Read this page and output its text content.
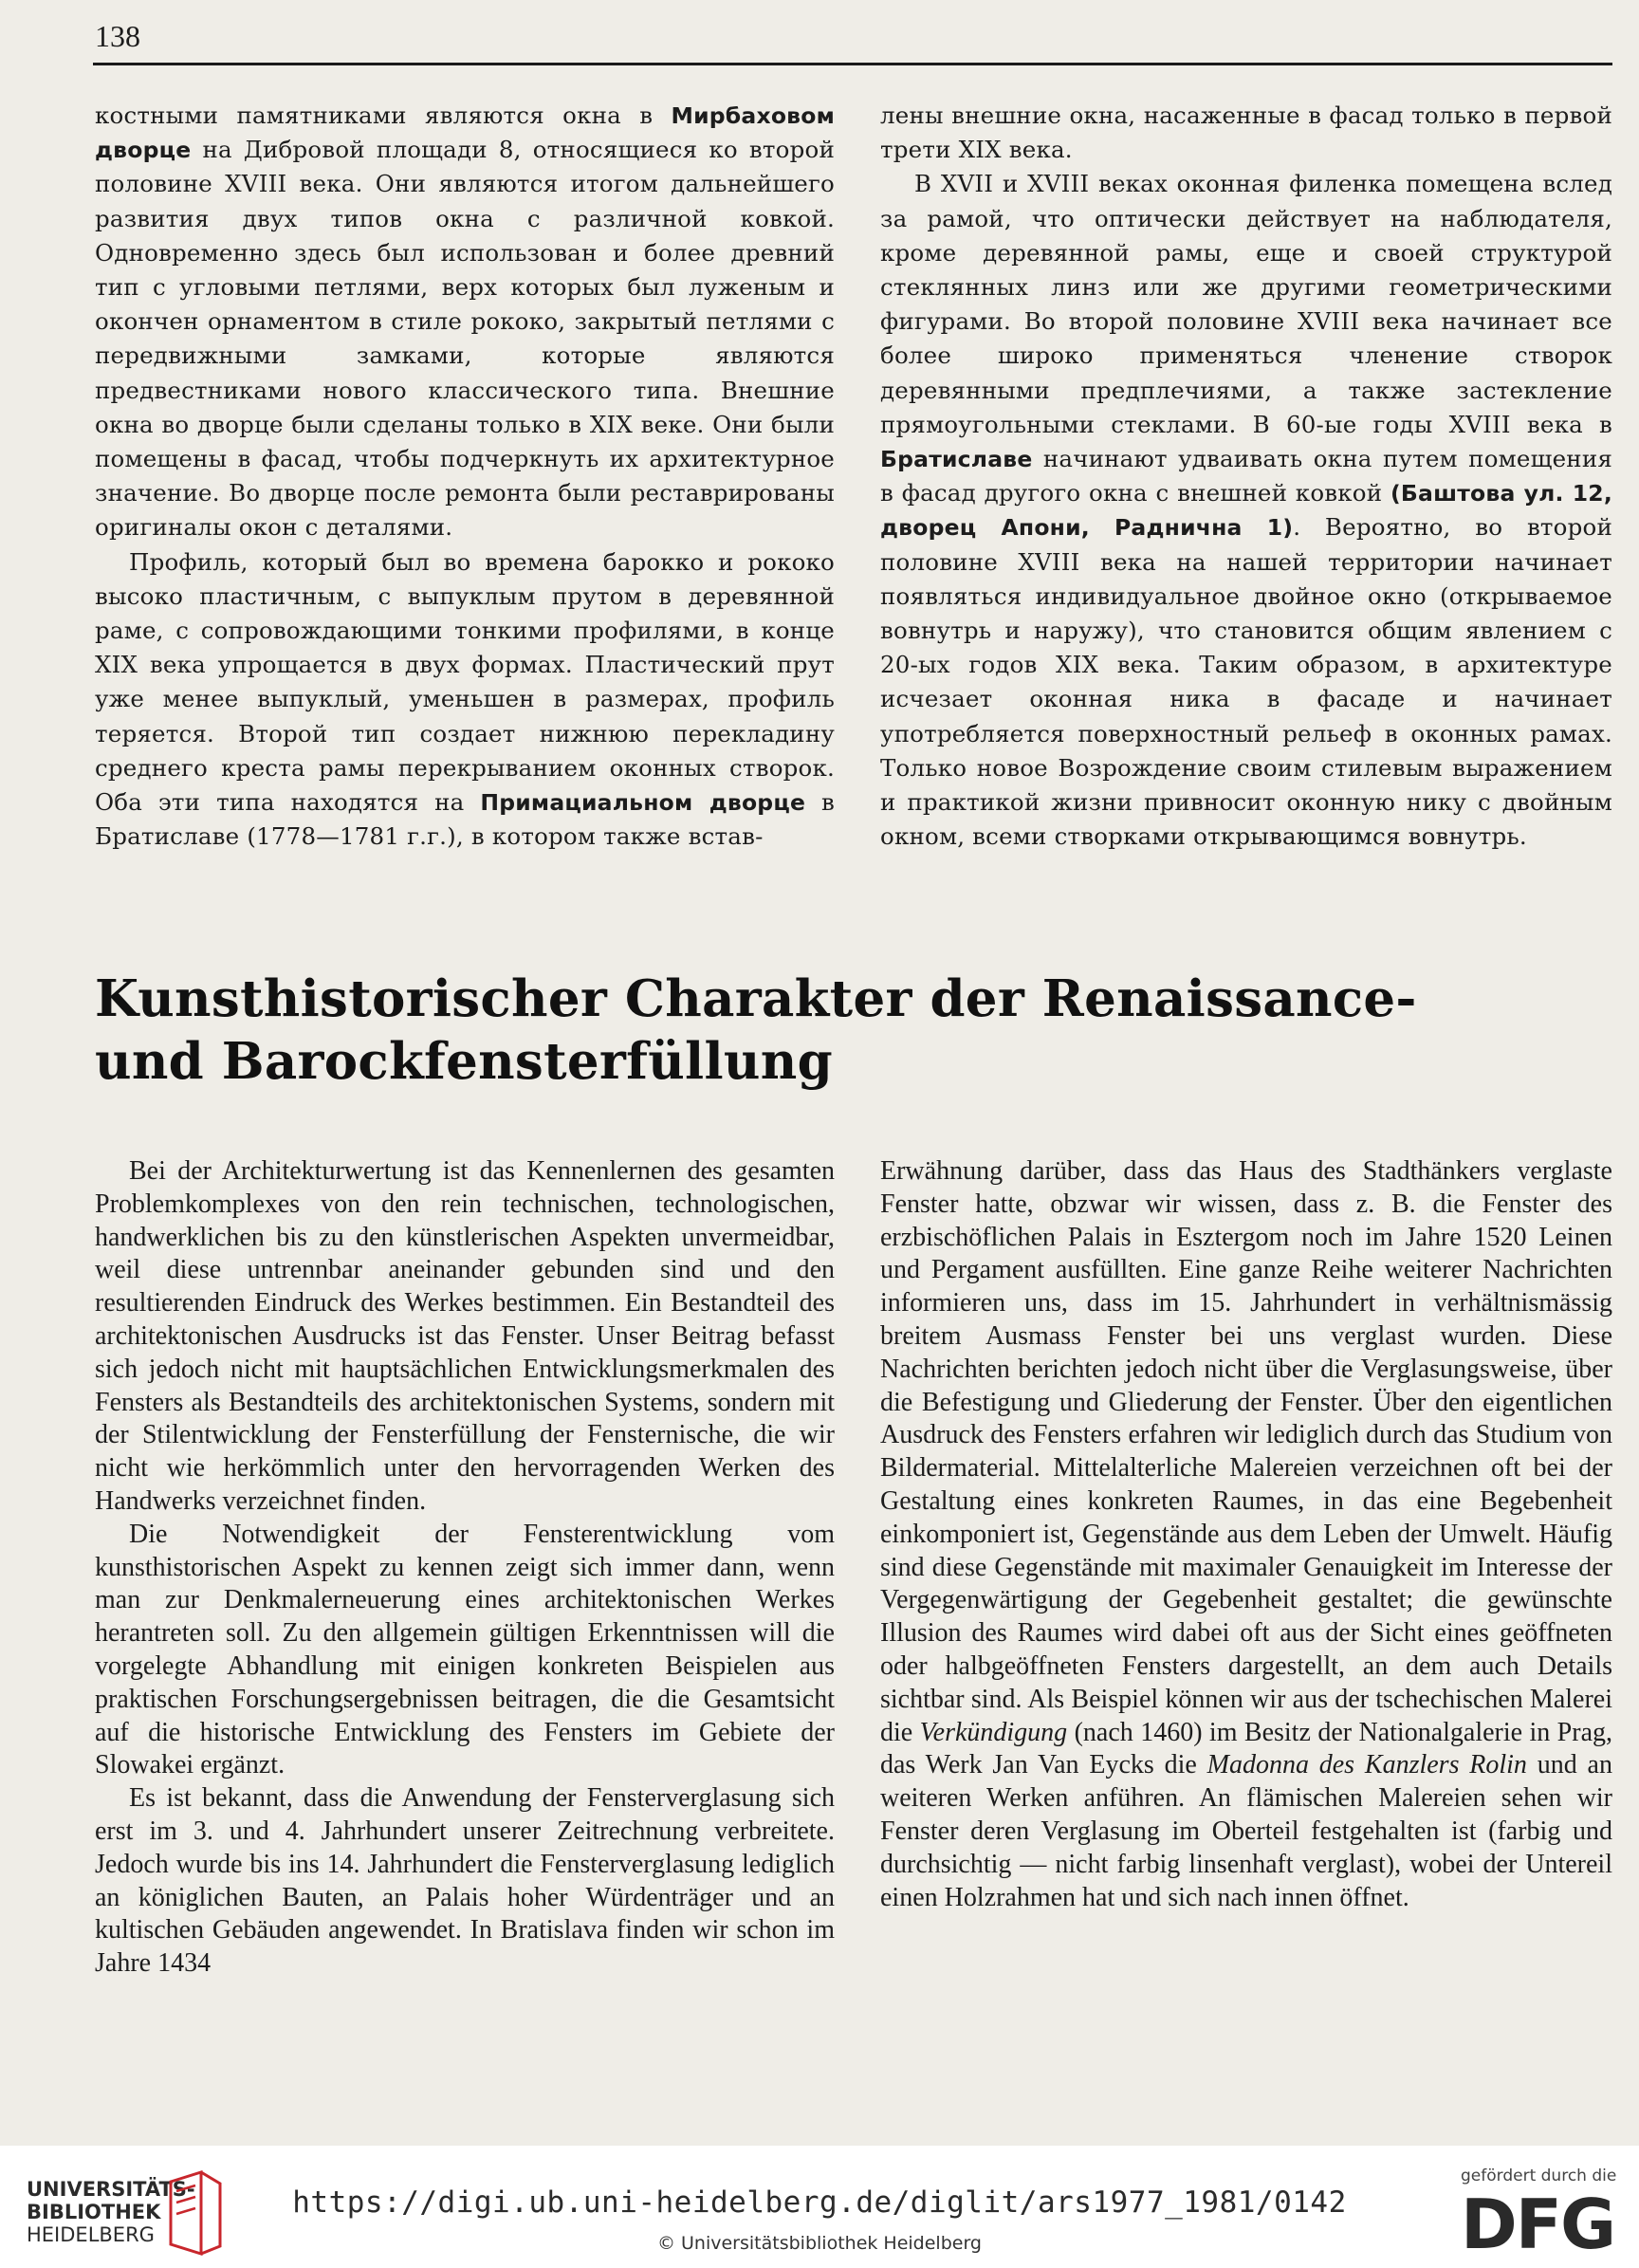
138

костными памятниками являются окна в Мирбаховом дворце на Дибровой площади 8, относящиеся ко второй половине XVIII века. Они являются итогом дальнейшего развития двух типов окна с различной ковкой. Одновременно здесь был использован и более древний тип с угловыми петлями, верх которых был луженым и окончен орнаментом в стиле рококо, закрытый петлями с передвижными замками, которые являются предвестниками нового классического типа. Внешние окна во дворце были сделаны только в XIX веке. Они были помещены в фасад, чтобы подчеркнуть их архитектурное значение. Во дворце после ремонта были реставрированы оригиналы окон с деталями.

Профиль, который был во времена барокко и рококо высоко пластичным, с выпуклым прутом в деревянной раме, с сопровождающими тонкими профилями, в конце XIX века упрощается в двух формах. Пластический прут уже менее выпуклый, уменьшен в размерах, профиль теряется. Второй тип создает нижнюю перекладину среднего креста рамы перекрыванием оконных створок. Оба эти типа находятся на Примациальном дворце в Братиславе (1778—1781 г.г.), в котором также встав-

лены внешние окна, насаженные в фасад только в первой трети XIX века.

В XVII и XVIII веках оконная филенка помещена вслед за рамой, что оптически действует на наблюдателя, кроме деревянной рамы, еще и своей структурой стеклянных линз или же другими геометрическими фигурами. Во второй половине XVIII века начинает все более широко применяться членение створок деревянными предплечиями, а также застекление прямоугольными стеклами. В 60-ые годы XVIII века в Братиславе начинают удваивать окна путем помещения в фасад другого окна с внешней ковкой (Баштова ул. 12, дворец Апони, Раднична 1). Вероятно, во второй половине XVIII века на нашей территории начинает появляться индивидуальное двойное окно (открываемое вовнутрь и наружу), что становится общим явлением с 20-ых годов XIX века. Таким образом, в архитектуре исчезает оконная ника в фасаде и начинает употребляется поверхностный рельеф в оконных рамах. Только новое Возрождение своим стилевым выражением и практикой жизни привносит оконную нику с двойным окном, всеми створками открывающимся вовнутрь.

Kunsthistorischer Charakter der Renaissance-
und Barockfensterfüllung

Bei der Architekturwertung ist das Kennenlernen des gesamten Problemkomplexes von den rein technischen, technologischen, handwerklichen bis zu den künstlerischen Aspekten unvermeidbar, weil diese untrennbar aneinander gebunden sind und den resultierenden Eindruck des Werkes bestimmen. Ein Bestandteil des architektonischen Ausdrucks ist das Fenster. Unser Beitrag befasst sich jedoch nicht mit hauptsächlichen Entwicklungsmerkmalen des Fensters als Bestandteils des architektonischen Systems, sondern mit der Stilentwicklung der Fensterfüllung der Fensternische, die wir nicht wie herkömmlich unter den hervorragenden Werken des Handwerks verzeichnet finden.

Die Notwendigkeit der Fensterentwicklung vom kunsthistorischen Aspekt zu kennen zeigt sich immer dann, wenn man zur Denkmalerneuerung eines architektonischen Werkes herantreten soll. Zu den allgemein gültigen Erkenntnissen will die vorgelegte Abhandlung mit einigen konkreten Beispielen aus praktischen Forschungsergebnissen beitragen, die die Gesamtsicht auf die historische Entwicklung des Fensters im Gebiete der Slowakei ergänzt.

Es ist bekannt, dass die Anwendung der Fensterverglasung sich erst im 3. und 4. Jahrhundert unserer Zeitrechnung verbreitete. Jedoch wurde bis ins 14. Jahrhundert die Fensterverglasung lediglich an königlichen Bauten, an Palais hoher Würdenträger und an kultischen Gebäuden angewendet. In Bratislava finden wir schon im Jahre 1434

Erwähnung darüber, dass das Haus des Stadthänkers verglaste Fenster hatte, obzwar wir wissen, dass z. B. die Fenster des erzbischöflichen Palais in Esztergom noch im Jahre 1520 Leinen und Pergament ausfüllten. Eine ganze Reihe weiterer Nachrichten informieren uns, dass im 15. Jahrhundert in verhältnismässig breitem Ausmass Fenster bei uns verglast wurden. Diese Nachrichten berichten jedoch nicht über die Verglasungsweise, über die Befestigung und Gliederung der Fenster. Über den eigentlichen Ausdruck des Fensters erfahren wir lediglich durch das Studium von Bildermaterial. Mittelalterliche Malereien verzeichnen oft bei der Gestaltung eines konkreten Raumes, in das eine Begebenheit einkomponiert ist, Gegenstände aus dem Leben der Umwelt. Häufig sind diese Gegenstände mit maximaler Genauigkeit im Interesse der Vergegenwärtigung der Gegebenheit gestaltet; die gewünschte Illusion des Raumes wird dabei oft aus der Sicht eines geöffneten oder halbgeöffneten Fensters dargestellt, an dem auch Details sichtbar sind. Als Beispiel können wir aus der tschechischen Malerei die Verkündigung (nach 1460) im Besitz der Nationalgalerie in Prag, das Werk Jan Van Eycks die Madonna des Kanzlers Rolin und an weiteren Werken anführen. An flämischen Malereien sehen wir Fenster deren Verglasung im Oberteil festgehalten ist (farbig und durchsichtig — nicht farbig linsenhaft verglast), wobei der Untereil einen Holzrahmen hat und sich nach innen öffnet.

UNIVERSITÄTS-
BIBLIOTHEK
HEIDELBERG
https://digi.ub.uni-heidelberg.de/diglit/ars1977_1981/0142
© Universitätsbibliothek Heidelberg
gefördert durch die
DFG
